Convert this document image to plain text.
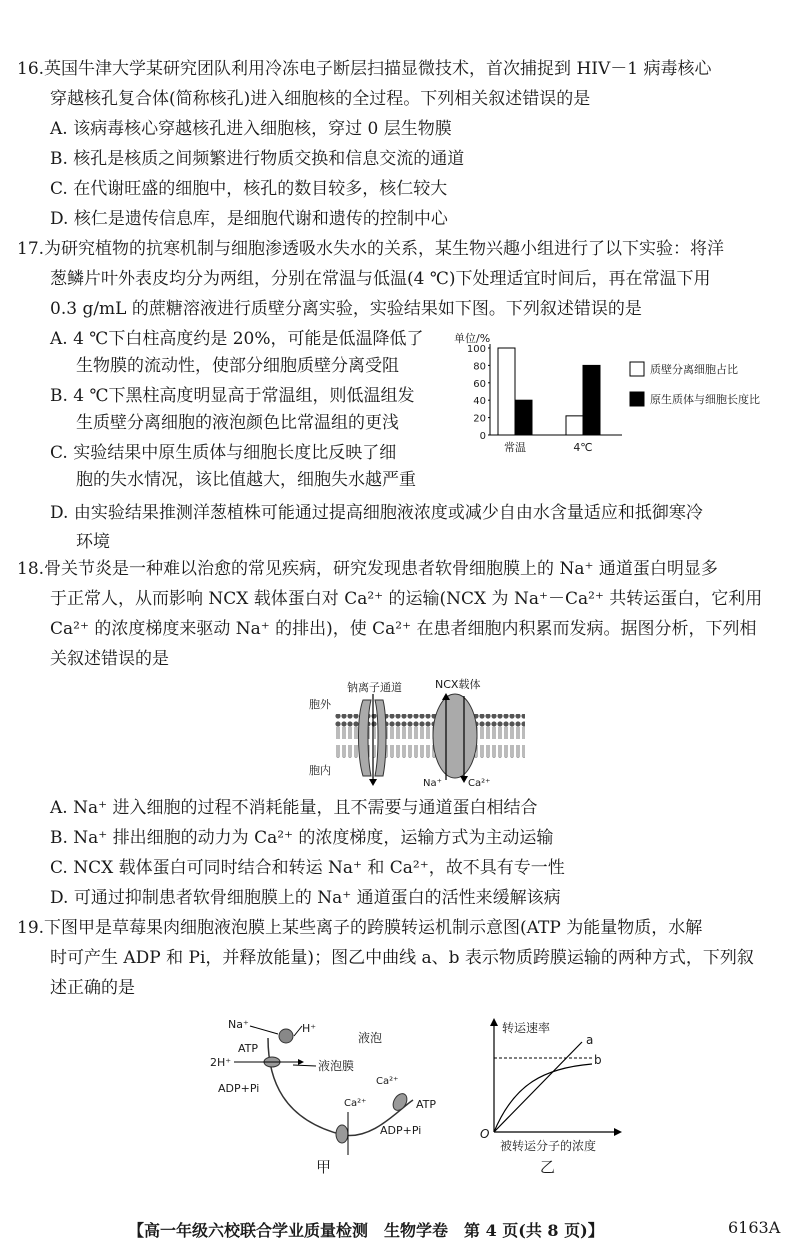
16.英国牛津大学某研究团队利用冷冻电子断层扫描显微技术，首次捕捉到 HIV－1 病毒核心
穿越核孔复合体(简称核孔)进入细胞核的全过程。下列相关叙述错误的是
A. 该病毒核心穿越核孔进入细胞核，穿过 0 层生物膜
B. 核孔是核质之间频繁进行物质交换和信息交流的通道
C. 在代谢旺盛的细胞中，核孔的数目较多，核仁较大
D. 核仁是遗传信息库，是细胞代谢和遗传的控制中心
17.为研究植物的抗寒机制与细胞渗透吸水失水的关系，某生物兴趣小组进行了以下实验：将洋
葱鳞片叶外表皮均分为两组，分别在常温与低温(4 ℃)下处理适宜时间后，再在常温下用
0.3 g/mL 的蔗糖溶液进行质壁分离实验，实验结果如下图。下列叙述错误的是
A. 4 ℃下白柱高度约是 20%，可能是低温降低了
生物膜的流动性，使部分细胞质壁分离受阻
B. 4 ℃下黑柱高度明显高于常温组，则低温组发
生质壁分离细胞的液泡颜色比常温组的更浅
C. 实验结果中原生质体与细胞长度比反映了细
胞的失水情况，该比值越大，细胞失水越严重
D. 由实验结果推测洋葱植株可能通过提高细胞液浓度或减少自由水含量适应和抵御寒冷
环境
单位/%
100
80
60
40
20
0
常温	4℃
质壁分离细胞占比
原生质体与细胞长度比
18.骨关节炎是一种难以治愈的常见疾病，研究发现患者软骨细胞膜上的 Na⁺ 通道蛋白明显多
于正常人，从而影响 NCX 载体蛋白对 Ca²⁺ 的运输(NCX 为 Na⁺－Ca²⁺ 共转运蛋白，它利用
Ca²⁺ 的浓度梯度来驱动 Na⁺ 的排出)，使 Ca²⁺ 在患者细胞内积累而发病。据图分析，下列相
关叙述错误的是
胞外
胞内
钠离子通道	NCX载体
Na⁺	Ca²⁺
A. Na⁺ 进入细胞的过程不消耗能量，且不需要与通道蛋白相结合
B. Na⁺ 排出细胞的动力为 Ca²⁺ 的浓度梯度，运输方式为主动运输
C. NCX 载体蛋白可同时结合和转运 Na⁺ 和 Ca²⁺，故不具有专一性
D. 可通过抑制患者软骨细胞膜上的 Na⁺ 通道蛋白的活性来缓解该病
19.下图甲是草莓果肉细胞液泡膜上某些离子的跨膜转运机制示意图(ATP 为能量物质，水解
时可产生 ADP 和 Pi，并释放能量)；图乙中曲线 a、b 表示物质跨膜运输的两种方式，下列叙
述正确的是
液泡
液泡膜
Na⁺	H⁺
ATP
2H⁺
ADP+Pi
Ca²⁺
ATP
ADP+Pi
Ca²⁺
甲
转运速率
被转运分子的浓度
O
a
b
乙
【高一年级六校联合学业质量检测　生物学卷　第 4 页(共 8 页)】	6163A
